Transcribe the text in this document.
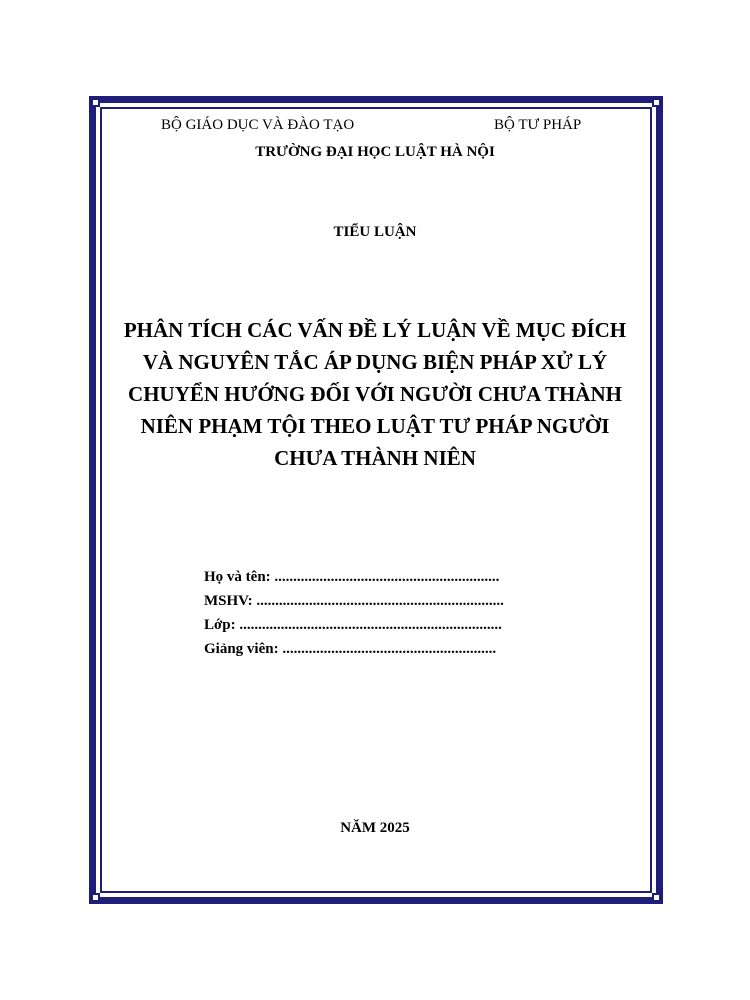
BỘ GIÁO DỤC VÀ ĐÀO TẠO	BỘ TƯ PHÁP
TRƯỜNG ĐẠI HỌC LUẬT HÀ NỘI
TIỂU LUẬN
PHÂN TÍCH CÁC VẤN ĐỀ LÝ LUẬN VỀ MỤC ĐÍCH
VÀ NGUYÊN TẮC ÁP DỤNG BIỆN PHÁP XỬ LÝ
CHUYỂN HƯỚNG ĐỐI VỚI NGƯỜI CHƯA THÀNH
NIÊN PHẠM TỘI THEO LUẬT TƯ PHÁP NGƯỜI
CHƯA THÀNH NIÊN
Họ và tên: ............................................................
MSHV: ..................................................................
Lớp: ......................................................................
Giảng viên: .........................................................
NĂM 2025
